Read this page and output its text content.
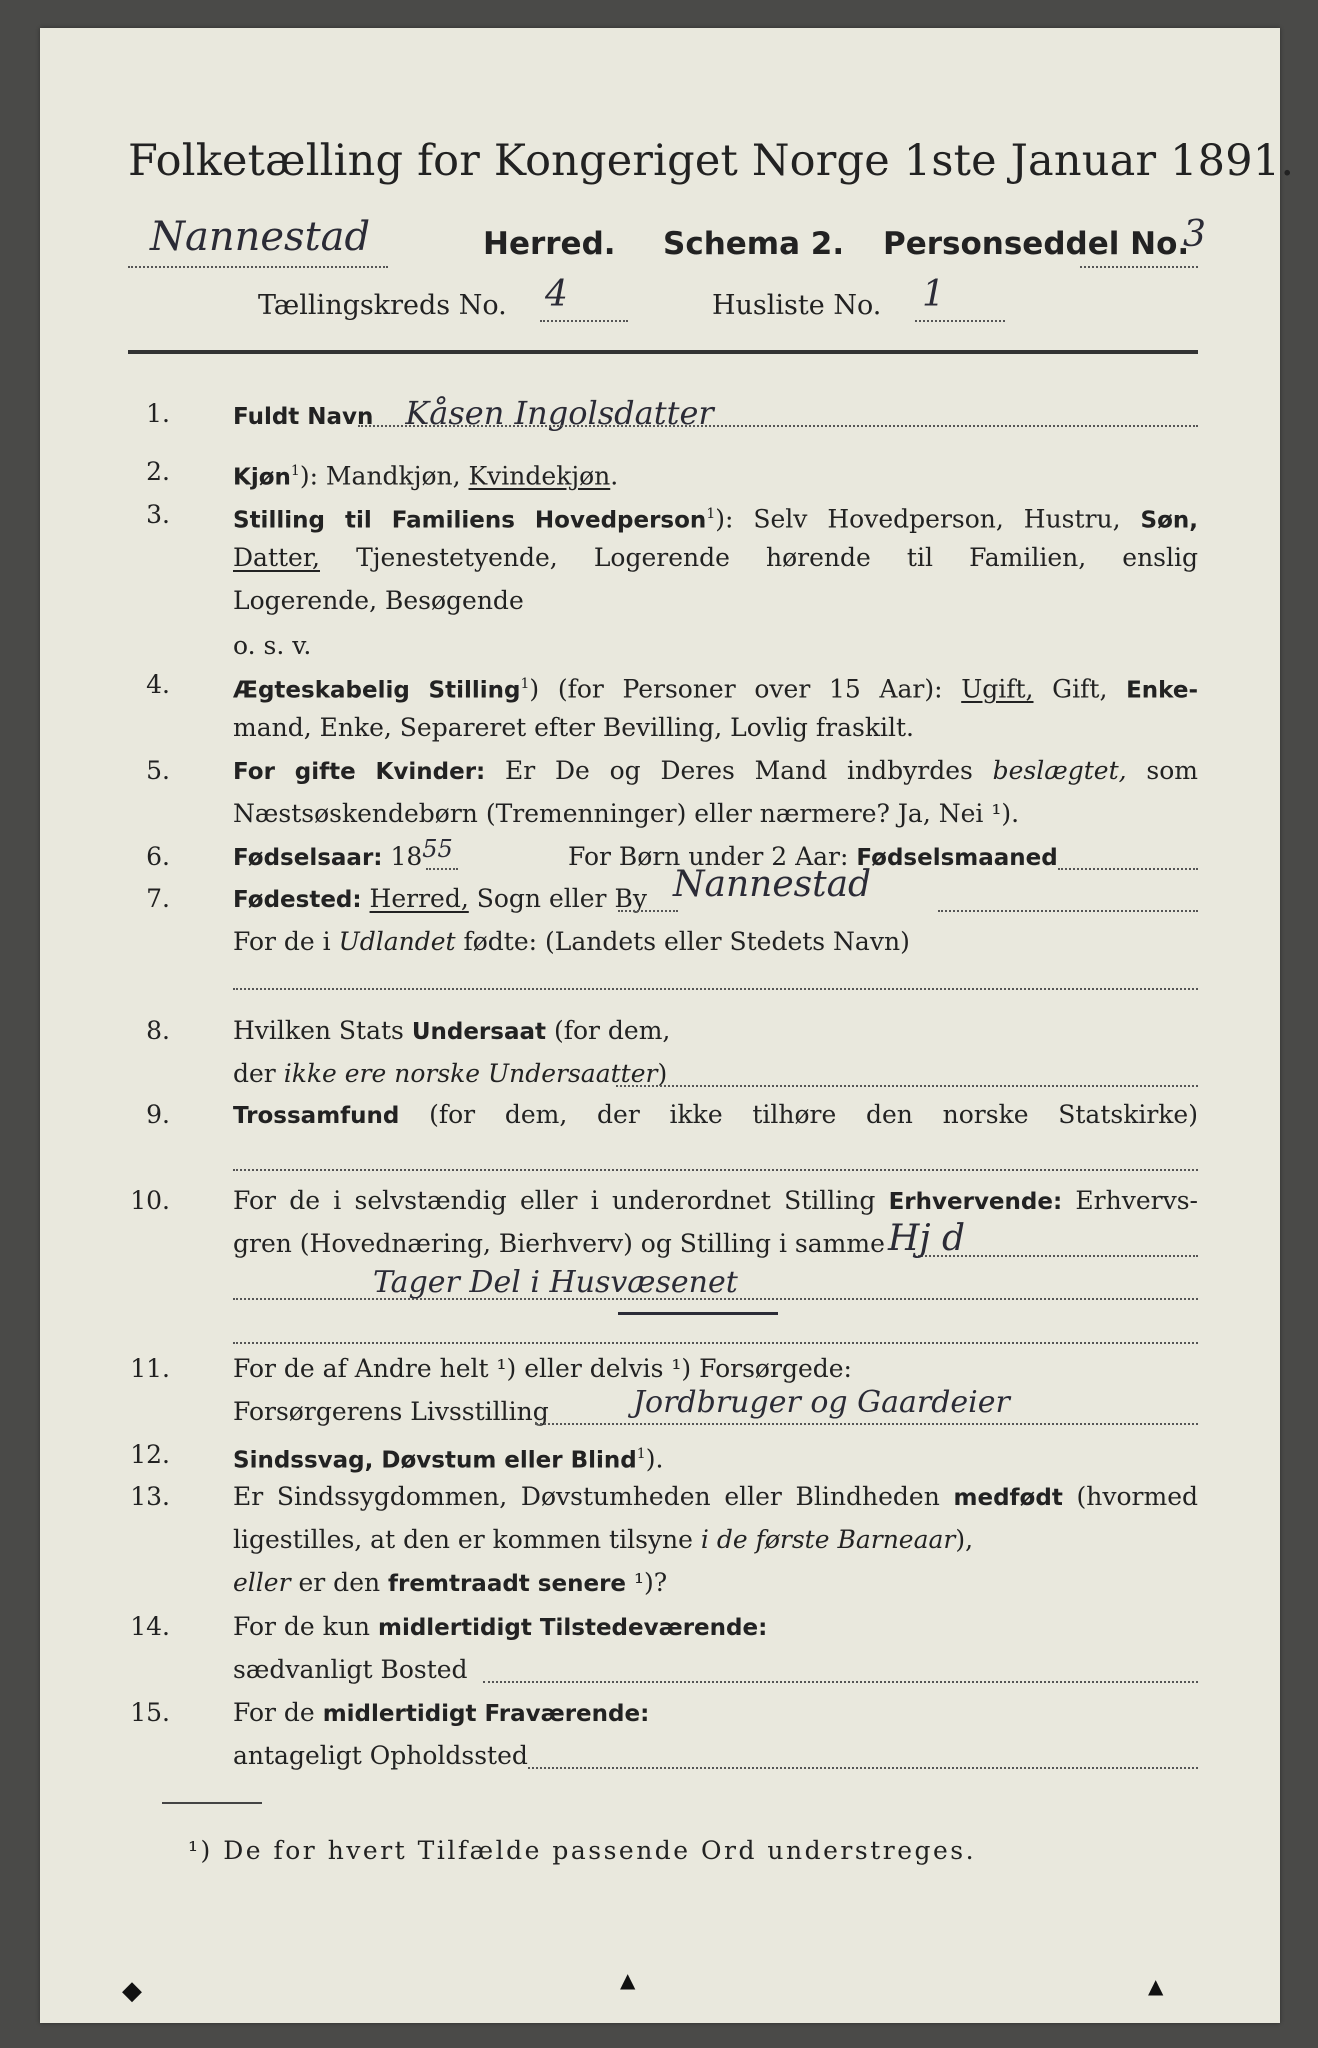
Folketælling for Kongeriget Norge 1ste Januar 1891.
Nannestad	Herred. Schema 2. Personseddel No.
3
Tællingskreds No. 4	Husliste No. 1
1.	Fuldt Navn Kåsen Ingolsdatter
2.	Kjøn$^1$): Mandkjøn, Kvindekjøn.
3.	Stilling til Familiens Hovedperson$^1$): Selv Hovedperson, Hustru, Søn,
Datter, Tjenestetyende, Logerende hørende til Familien, enslig
Logerende, Besøgende
o. s. v.
4.	Ægteskabelig Stilling$^1$) (for Personer over 15 Aar): Ugift, Gift, Enke-
mand, Enke, Separeret efter Bevilling, Lovlig fraskilt.
5.	For gifte Kvinder: Er De og Deres Mand indbyrdes beslægtet, som
Næstsøskendebørn (Tremenninger) eller nærmere? Ja, Nei ¹).
6.	Fødselsaar: 1855	For Børn under 2 Aar: Fødselsmaaned
7.	Fødested: Herred, Sogn eller By Nannestad
For de i Udlandet fødte: (Landets eller Stedets Navn)
8.	Hvilken Stats Undersaat (for dem,
der ikke ere norske Undersaatter)
9.	Trossamfund (for dem, der ikke tilhøre den norske Statskirke)
10.	For de i selvstændig eller i underordnet Stilling Erhvervende: Erhvervs-
gren (Hovednæring, Bierhverv) og Stilling i samme Hj d
Tager Del i Husvæsenet
11.	For de af Andre helt ¹) eller delvis ¹) Forsørgede:
Forsørgerens Livsstilling	Jordbruger og Gaardeier
12.	Sindssvag, Døvstum eller Blind$^1$).
13.	Er Sindssygdommen, Døvstumheden eller Blindheden medfødt (hvormed
ligestilles, at den er kommen tilsyne i de første Barneaar),
eller er den fremtraadt senere ¹)?
14.	For de kun midlertidigt Tilstedeværende:
sædvanligt Bosted
15.	For de midlertidigt Fraværende:
antageligt Opholdssted
¹) De for hvert Tilfælde passende Ord understreges.
◆	▲	▲
